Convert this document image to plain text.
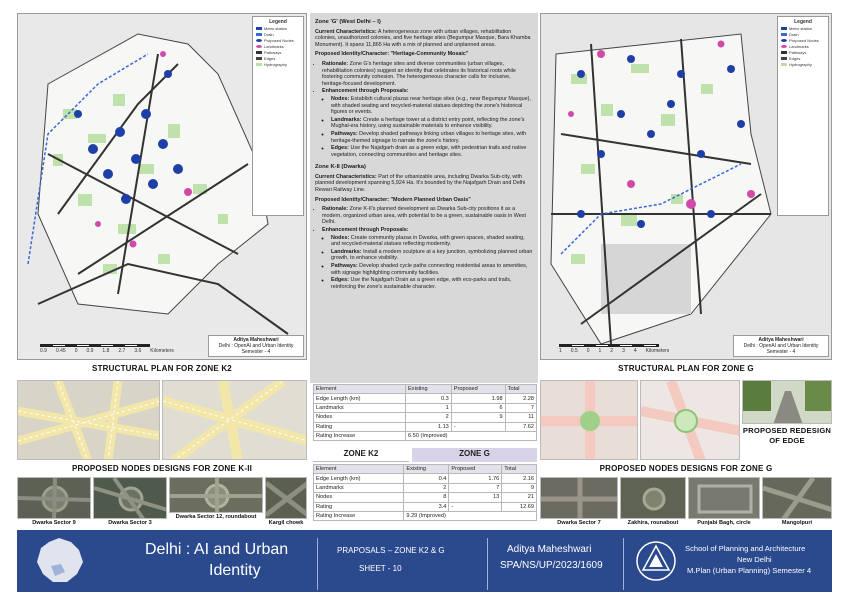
Legend
Metro station
Drain
Proposed Nodes
Landmarks
Pathways
Edges
Hydrography
0.9 0.45 0 0.9 1.8 2.7 3.6 Kilometers
Aditya Maheshwari
Delhi : OpenAI and Urban Identity
Semester - 4
Zone 'G' (West Delhi – I)

Current Characteristics: A heterogeneous zone with urban villages, rehabilitation colonies, unauthorized colonies, and five heritage sites (Begumpur Masque, Bara Khamba Monument). It spans 11,865 Ha with a mix of planned and unplanned areas.

Proposed Identity/Character: "Heritage-Community Mosaic"

• Rationale: Zone G's heritage sites and diverse communities (urban villages, rehabilitation colonies) suggest an identity that celebrates its historical roots while fostering community cohesion. The heterogeneous character calls for inclusive, heritage-focused development.
• Enhancement through Proposals:
◦ Nodes: Establish cultural plazas near heritage sites (e.g., near Begumpur Masque), with shaded seating and recycled-material statues depicting the zone's historical figures or events.
◦ Landmarks: Create a heritage tower at a district entry point, reflecting the zone's Mughal-era history, using sustainable materials to enhance visibility.
◦ Pathways: Develop shaded pathways linking urban villages to heritage sites, with heritage-themed signage to narrate the zone's history.
◦ Edges: Use the Najafgarh drain as a green edge, with pedestrian trails and native vegetation, connecting communities and heritage sites.
Zone K-II (Dwarka)

Current Characteristics: Part of the urbanizable area, including Dwarka Sub-city, with planned development spanning 5,924 Ha. It's bounded by the Najafgarh Drain and Delhi Rewari Railway Line.

Proposed Identity/Character: "Modern Planned Urban Oasis"

• Rationale: Zone K-II's planned development as Dwarka Sub-city positions it as a modern, organized urban area, with potential to be a green, sustainable oasis in West Delhi.
• Enhancement through Proposals:
◦ Nodes: Create community plazas in Dwarka, with green spaces, shaded seating, and recycled-material statues reflecting modernity.
◦ Landmarks: Install a modern sculpture at a key junction, symbolizing planned urban growth, to enhance visibility.
◦ Pathways: Develop shaded cycle paths connecting residential areas to amenities, with signage highlighting community facilities.
◦ Edges: Use the Najafgarh Drain as a green edge, with eco-parks and trails, reinforcing the zone's sustainable character.
Legend
Metro station
Drain
Proposed Nodes
Landmarks
Pathways
Edges
Hydrography
1 0.5 0 1 2 3 4 Kilometers
Aditya Maheshwari
Delhi : OpenAI and Urban Identity
Semester - 4
STRUCTURAL PLAN FOR ZONE K2	STRUCTURAL PLAN FOR ZONE G
PROPOSED NODES DESIGNS FOR ZONE K-II
Dwarka Sector 9	Dwarka Sector 3
Dwarka Sector 12, roundabout
Kargil chowk
Element	Existing	Proposed	Total
Edge Length (km)	0.3	1.98	2.28
Landmarks	1	6	7
Nodes	2	9	11
Rating	1.13	-	7.62
Rating Increase	6.50 (Improved)		
ZONE K2	ZONE G
Element	Existing	Proposed	Total
Edge Length (km)	0.4	1.76	2.16
Landmarks	2	7	9
Nodes	8	13	21
Rating	3.4	-	12.69
Rating Increase	9.29 (Improved)		
PROPOSED REDESIGN OF EDGE
PROPOSED NODES DESIGNS FOR ZONE G
Dwarka Sector 7	Zakhira, rounabout	Punjabi Bagh, circle	Mangolpuri
Delhi : AI and Urban
Identity
PRAPOSALS – ZONE K2 & G
SHEET - 10
Aditya Maheshwari
SPA/NS/UP/2023/1609
School of Planning and Architecture
New Delhi
M.Plan (Urban Planning) Semester 4
